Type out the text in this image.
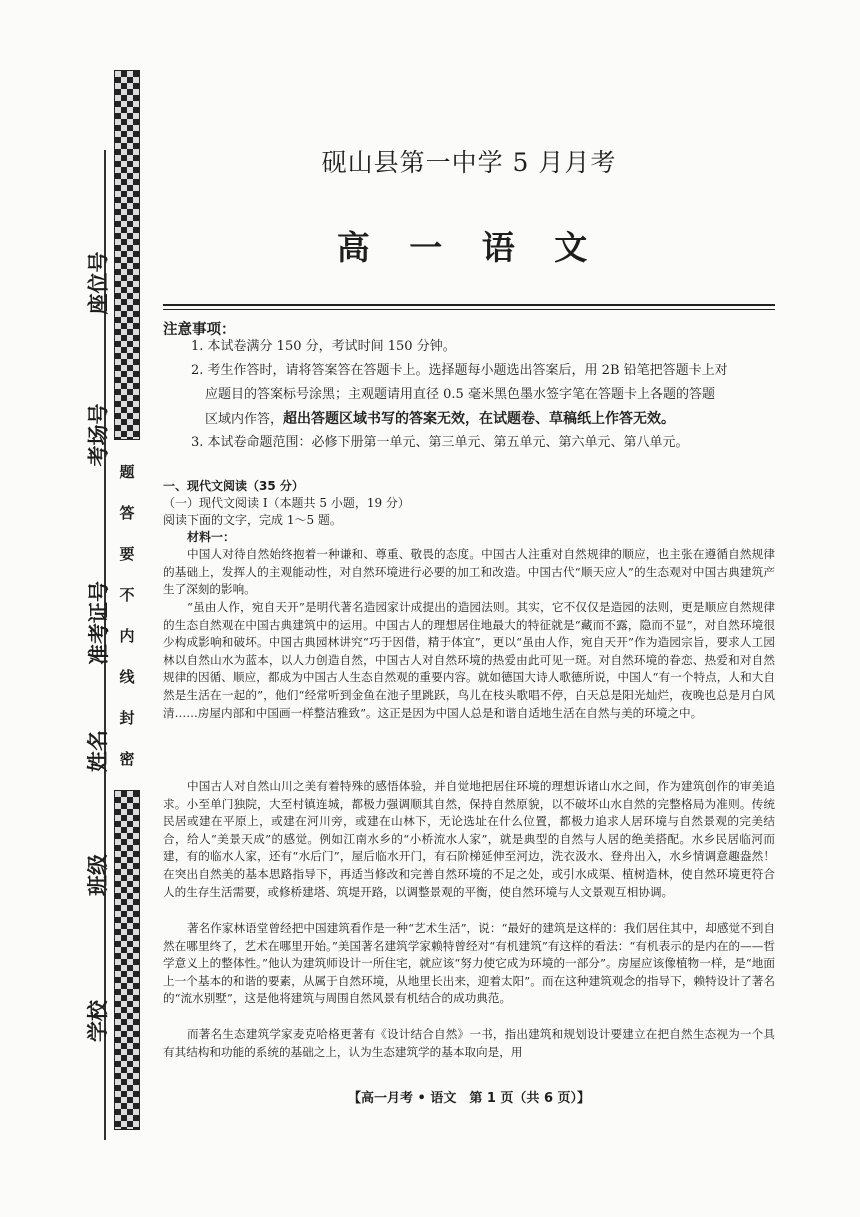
题
答
要
不
内
线
封
密
座位号
考场号
准考证号
姓名
班级
学校
砚山县第一中学 5 月月考
高 一 语 文
注意事项：
1. 本试卷满分 150 分，考试时间 150 分钟。
2. 考生作答时，请将答案答在答题卡上。选择题每小题选出答案后，用 2B 铅笔把答题卡上对
应题目的答案标号涂黑；主观题请用直径 0.5 毫米黑色墨水签字笔在答题卡上各题的答题
区域内作答，超出答题区域书写的答案无效，在试题卷、草稿纸上作答无效。
3. 本试卷命题范围：必修下册第一单元、第三单元、第五单元、第六单元、第八单元。
一、现代文阅读（35 分）
（一）现代文阅读 Ⅰ（本题共 5 小题，19 分）
阅读下面的文字，完成 1～5 题。
材料一：
中国人对待自然始终抱着一种谦和、尊重、敬畏的态度。中国古人注重对自然规律的顺应，也主张在遵循自然规律的基础上，发挥人的主观能动性，对自然环境进行必要的加工和改造。中国古代“顺天应人”的生态观对中国古典建筑产生了深刻的影响。
“虽由人作，宛自天开”是明代著名造园家计成提出的造园法则。其实，它不仅仅是造园的法则，更是顺应自然规律的生态自然观在中国古典建筑中的运用。中国古人的理想居住地最大的特征就是“藏而不露，隐而不显”，对自然环境很少构成影响和破坏。中国古典园林讲究“巧于因借，精于体宜”，更以“虽由人作，宛自天开”作为造园宗旨，要求人工园林以自然山水为蓝本，以人力创造自然，中国古人对自然环境的热爱由此可见一斑。对自然环境的眷恋、热爱和对自然规律的因循、顺应，都成为中国古人生态自然观的重要内容。就如德国大诗人歌德所说，中国人“有一个特点，人和大自然是生活在一起的”，他们“经常听到金鱼在池子里跳跃，鸟儿在枝头歌唱不停，白天总是阳光灿烂，夜晚也总是月白风清……房屋内部和中国画一样整洁雅致”。这正是因为中国人总是和谐自适地生活在自然与美的环境之中。
中国古人对自然山川之美有着特殊的感悟体验，并自觉地把居住环境的理想诉诸山水之间，作为建筑创作的审美追求。小至单门独院，大至村镇连城，都极力强调顺其自然，保持自然原貌，以不破坏山水自然的完整格局为准则。传统民居或建在平原上，或建在河川旁，或建在山林下，无论选址在什么位置，都极力追求人居环境与自然景观的完美结合，给人“美景天成”的感觉。例如江南水乡的“小桥流水人家”，就是典型的自然与人居的绝美搭配。水乡民居临河而建，有的临水人家，还有“水后门”，屋后临水开门，有石阶梯延伸至河边，洗衣汲水、登舟出入，水乡情调意趣盎然！在突出自然美的基本思路指导下，再适当修改和完善自然环境的不足之处，或引水成渠、植树造林，使自然环境更符合人的生存生活需要，或修桥建塔、筑堤开路，以调整景观的平衡，使自然环境与人文景观互相协调。
著名作家林语堂曾经把中国建筑看作是一种“艺术生活”，说：“最好的建筑是这样的：我们居住其中，却感觉不到自然在哪里终了，艺术在哪里开始。”美国著名建筑学家赖特曾经对“有机建筑”有这样的看法：“有机表示的是内在的——哲学意义上的整体性。”他认为建筑师设计一所住宅，就应该“努力使它成为环境的一部分”。房屋应该像植物一样，是“地面上一个基本的和谐的要素，从属于自然环境，从地里长出来，迎着太阳”。而在这种建筑观念的指导下，赖特设计了著名的“流水别墅”，这是他将建筑与周围自然风景有机结合的成功典范。
而著名生态建筑学家麦克哈格更著有《设计结合自然》一书，指出建筑和规划设计要建立在把自然生态视为一个具有其结构和功能的系统的基础之上，认为生态建筑学的基本取向是，用
【高一月考 • 语文　第 1 页（共 6 页）】
